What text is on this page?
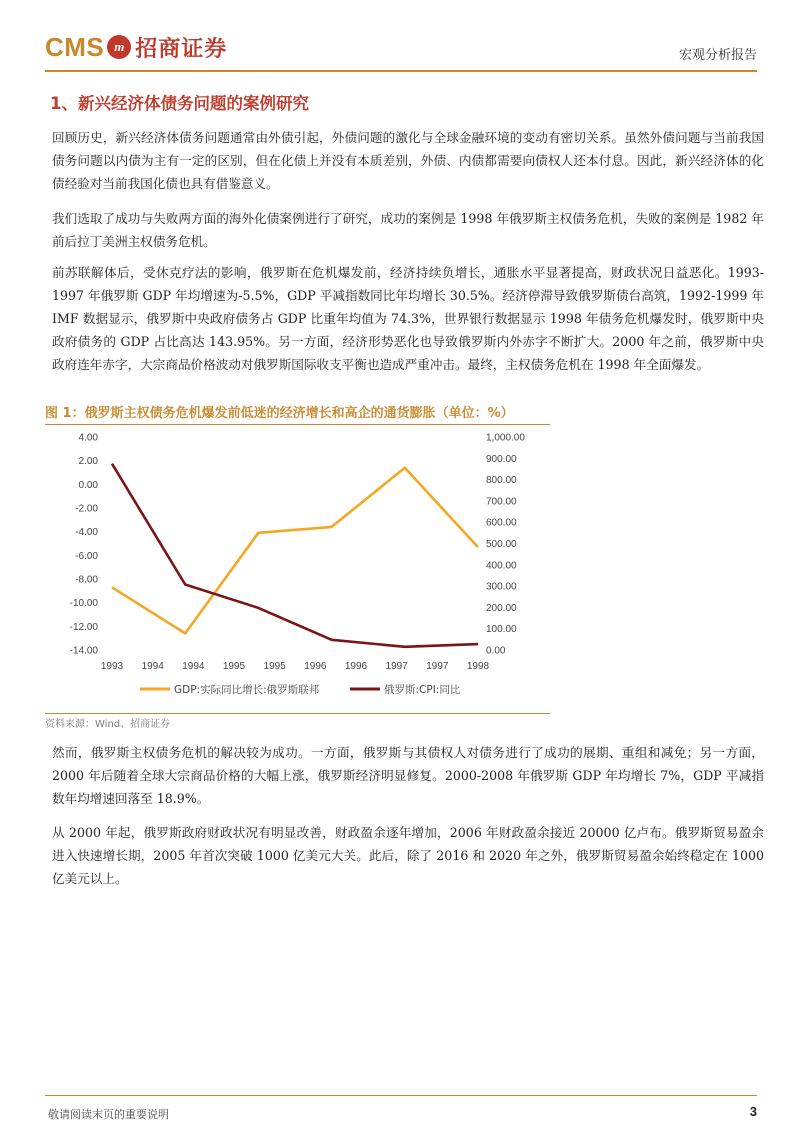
CMS m 招商证券	宏观分析报告
1、新兴经济体债务问题的案例研究
回顾历史，新兴经济体债务问题通常由外债引起，外债问题的激化与全球金融环境的变动有密切关系。虽然外债问题与当前我国债务问题以内债为主有一定的区别，但在化债上并没有本质差别，外债、内债都需要向债权人还本付息。因此，新兴经济体的化债经验对当前我国化债也具有借鉴意义。
我们选取了成功与失败两方面的海外化债案例进行了研究，成功的案例是 1998 年俄罗斯主权债务危机，失败的案例是 1982 年前后拉丁美洲主权债务危机。
前苏联解体后，受休克疗法的影响，俄罗斯在危机爆发前，经济持续负增长，通胀水平显著提高，财政状况日益恶化。1993-1997 年俄罗斯 GDP 年均增速为-5.5%，GDP 平减指数同比年均增长 30.5%。经济停滞导致俄罗斯债台高筑，1992-1999 年 IMF 数据显示，俄罗斯中央政府债务占 GDP 比重年均值为 74.3%，世界银行数据显示 1998 年债务危机爆发时，俄罗斯中央政府债务的 GDP 占比高达 143.95%。另一方面，经济形势恶化也导致俄罗斯内外赤字不断扩大。2000 年之前，俄罗斯中央政府连年赤字，大宗商品价格波动对俄罗斯国际收支平衡也造成严重冲击。最终，主权债务危机在 1998 年全面爆发。
图 1：俄罗斯主权债务危机爆发前低迷的经济增长和高企的通货膨胀（单位：%）
4.00
2.00
0.00
-2.00
-4.00
-6.00
-8.00
-10.00
-12.00
-14.00
1,000.00
900.00
800.00
700.00
600.00
500.00
400.00
300.00
200.00
100.00
0.00
1993 1994 1994 1995 1995 1996 1996 1997 1997 1998
GDP:实际同比增长:俄罗斯联邦	俄罗斯:CPI:同比
资料来源：Wind、招商证券
然而，俄罗斯主权债务危机的解决较为成功。一方面，俄罗斯与其债权人对债务进行了成功的展期、重组和减免；另一方面，2000 年后随着全球大宗商品价格的大幅上涨，俄罗斯经济明显修复。2000-2008 年俄罗斯 GDP 年均增长 7%，GDP 平减指数年均增速回落至 18.9%。
从 2000 年起，俄罗斯政府财政状况有明显改善，财政盈余逐年增加，2006 年财政盈余接近 20000 亿卢布。俄罗斯贸易盈余进入快速增长期，2005 年首次突破 1000 亿美元大关。此后，除了 2016 和 2020 年之外，俄罗斯贸易盈余始终稳定在 1000 亿美元以上。
敬请阅读末页的重要说明	3
